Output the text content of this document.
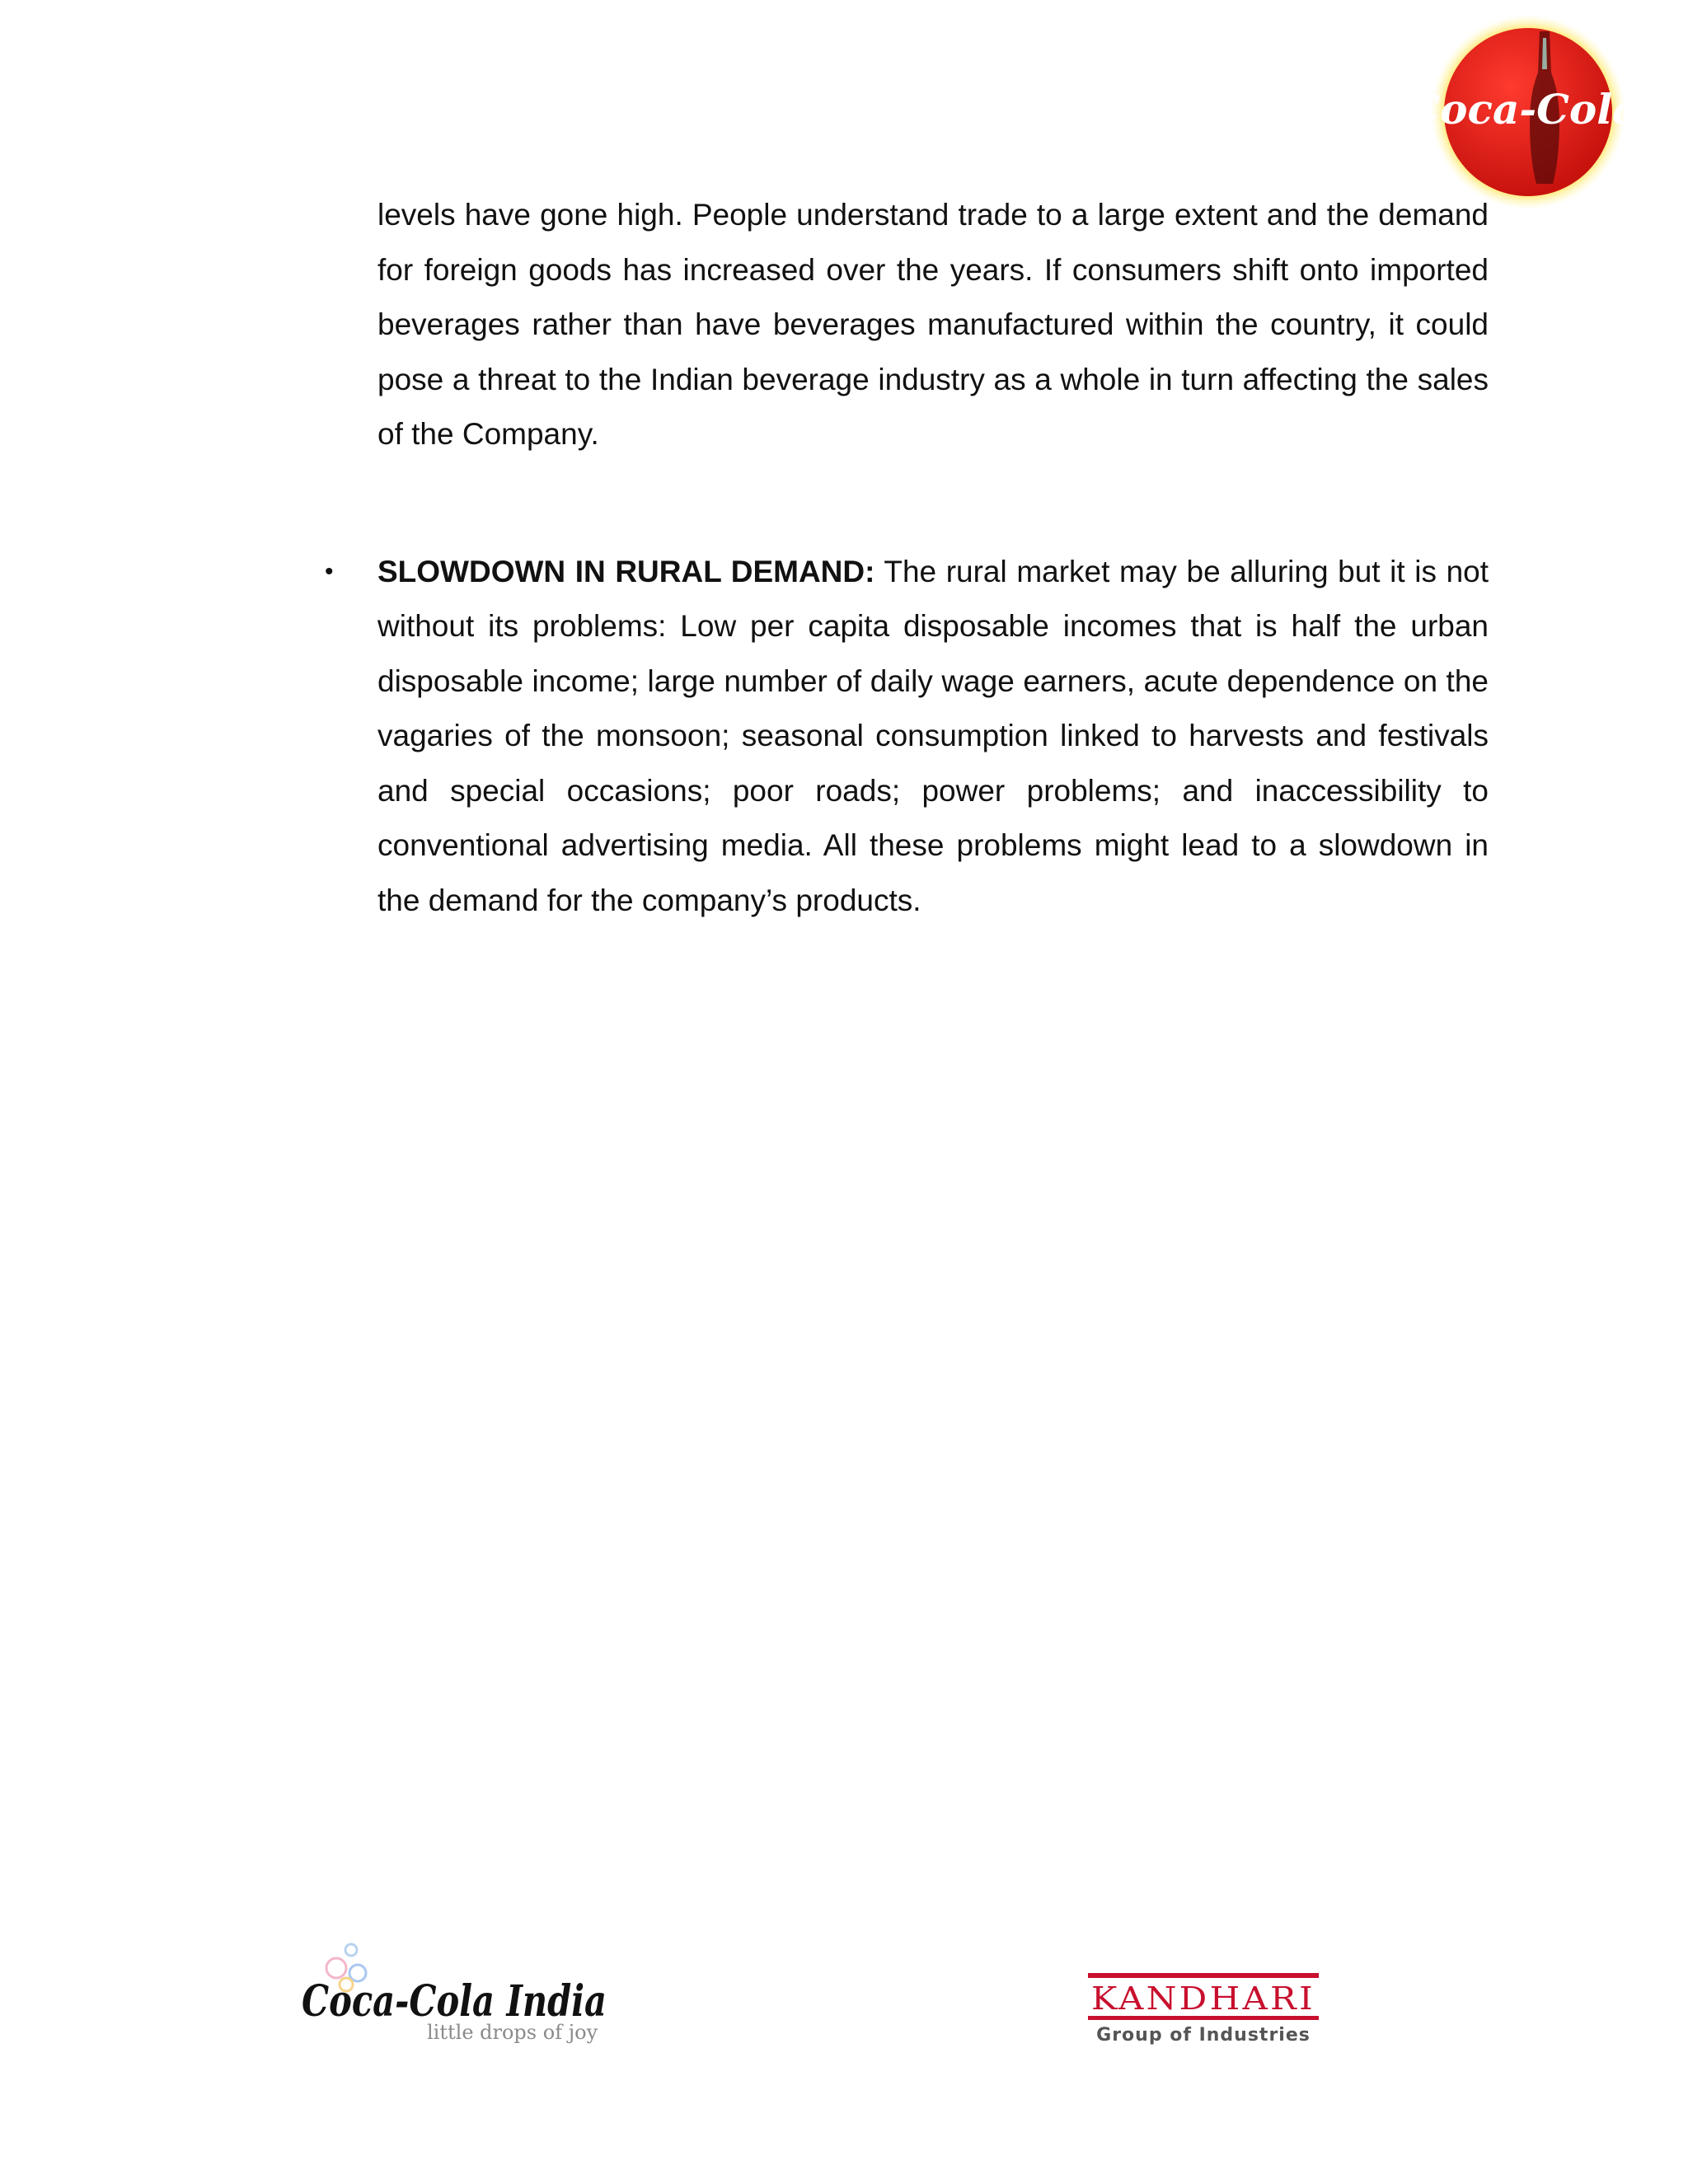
Coca-Cola

levels have gone high. People understand trade to a large extent and the demand for foreign goods has increased over the years. If consumers shift onto imported beverages rather than have beverages manufactured within the country, it could pose a threat to the Indian beverage industry as a whole in turn affecting the sales of the Company.

• SLOWDOWN IN RURAL DEMAND: The rural market may be alluring but it is not without its problems: Low per capita disposable incomes that is half the urban disposable income; large number of daily wage earners, acute dependence on the vagaries of the monsoon; seasonal consumption linked to harvests and festivals and special occasions; poor roads; power problems; and inaccessibility to conventional advertising media. All these problems might lead to a slowdown in the demand for the company’s products.

Coca-Cola India
little drops of joy
KANDHARI
Group of Industries
